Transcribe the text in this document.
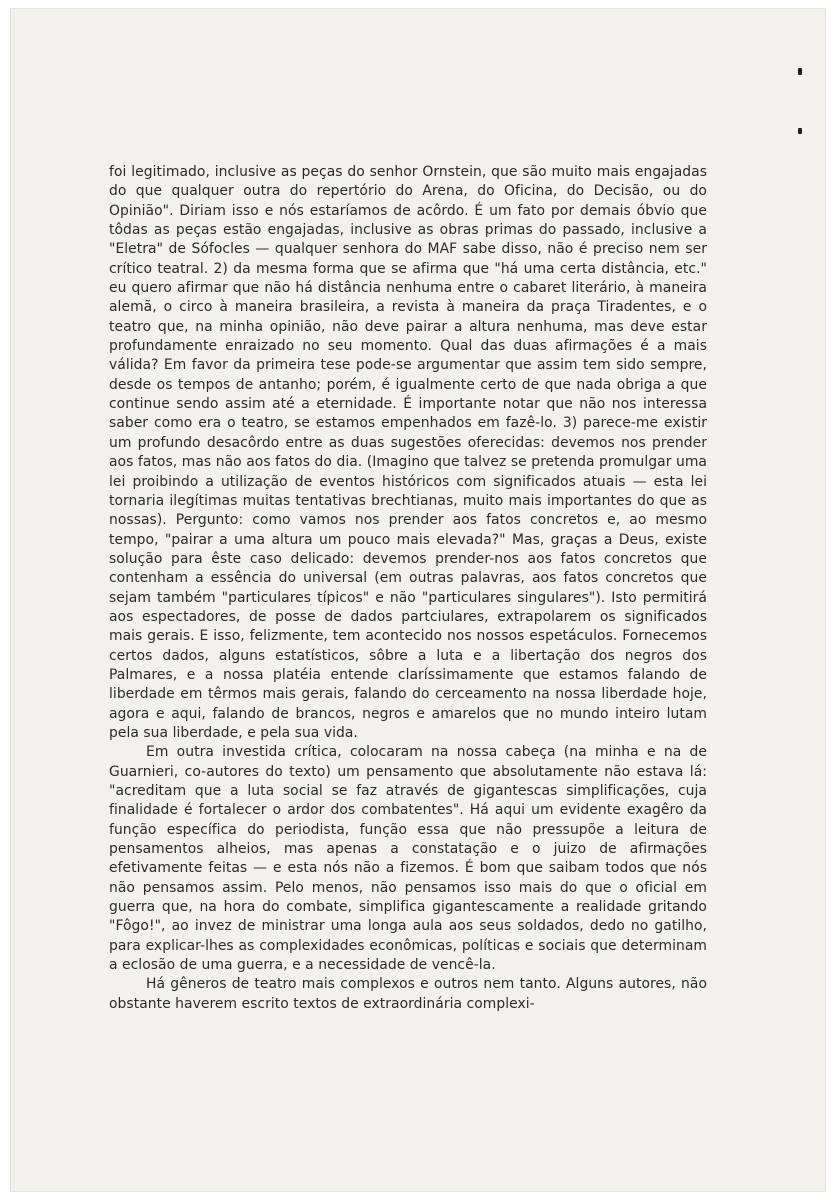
foi legitimado, inclusive as peças do senhor Ornstein, que são muito mais engajadas do que qualquer outra do repertório do Arena, do Oficina, do Decisão, ou do Opinião". Diriam isso e nós estaríamos de acôrdo. É um fato por demais óbvio que tôdas as peças estão engajadas, inclusive as obras primas do passado, inclusive a "Eletra" de Sófocles — qualquer senhora do MAF sabe disso, não é preciso nem ser crítico teatral. 2) da mesma forma que se afirma que "há uma certa distância, etc." eu quero afirmar que não há distância nenhuma entre o cabaret literário, à maneira alemã, o circo à maneira brasileira, a revista à maneira da praça Tiradentes, e o teatro que, na minha opinião, não deve pairar a altura nenhuma, mas deve estar profundamente enraizado no seu momento. Qual das duas afirmações é a mais válida? Em favor da primeira tese pode-se argumentar que assim tem sido sempre, desde os tempos de antanho; porém, é igualmente certo de que nada obriga a que continue sendo assim até a eternidade. É importante notar que não nos interessa saber como era o teatro, se estamos empenhados em fazê-lo. 3) parece-me existir um profundo desacôrdo entre as duas sugestões oferecidas: devemos nos prender aos fatos, mas não aos fatos do dia. (Imagino que talvez se pretenda promulgar uma lei proibindo a utilização de eventos históricos com significados atuais — esta lei tornaria ilegítimas muitas tentativas brechtianas, muito mais importantes do que as nossas). Pergunto: como vamos nos prender aos fatos concretos e, ao mesmo tempo, "pairar a uma altura um pouco mais elevada?" Mas, graças a Deus, existe solução para êste caso delicado: devemos prender-nos aos fatos concretos que contenham a essência do universal (em outras palavras, aos fatos concretos que sejam também "particulares típicos" e não "particulares singulares"). Isto permitirá aos espectadores, de posse de dados partciulares, extrapolarem os significados mais gerais. E isso, felizmente, tem acontecido nos nossos espetáculos. Fornecemos certos dados, alguns estatísticos, sôbre a luta e a libertação dos negros dos Palmares, e a nossa platéia entende claríssimamente que estamos falando de liberdade em têrmos mais gerais, falando do cerceamento na nossa liberdade hoje, agora e aqui, falando de brancos, negros e amarelos que no mundo inteiro lutam pela sua liberdade, e pela sua vida.

Em outra investida crítica, colocaram na nossa cabeça (na minha e na de Guarnieri, co-autores do texto) um pensamento que absolutamente não estava lá: "acreditam que a luta social se faz através de gigantescas simplificações, cuja finalidade é fortalecer o ardor dos combatentes". Há aqui um evidente exagêro da função específica do periodista, função essa que não pressupõe a leitura de pensamentos alheios, mas apenas a constatação e o juizo de afirmações efetivamente feitas — e esta nós não a fizemos. É bom que saibam todos que nós não pensamos assim. Pelo menos, não pensamos isso mais do que o oficial em guerra que, na hora do combate, simplifica gigantescamente a realidade gritando "Fôgo!", ao invez de ministrar uma longa aula aos seus soldados, dedo no gatilho, para explicar-lhes as complexidades econômicas, políticas e sociais que determinam a eclosão de uma guerra, e a necessidade de vencê-la.

Há gêneros de teatro mais complexos e outros nem tanto. Alguns autores, não obstante haverem escrito textos de extraordinária complexi-
